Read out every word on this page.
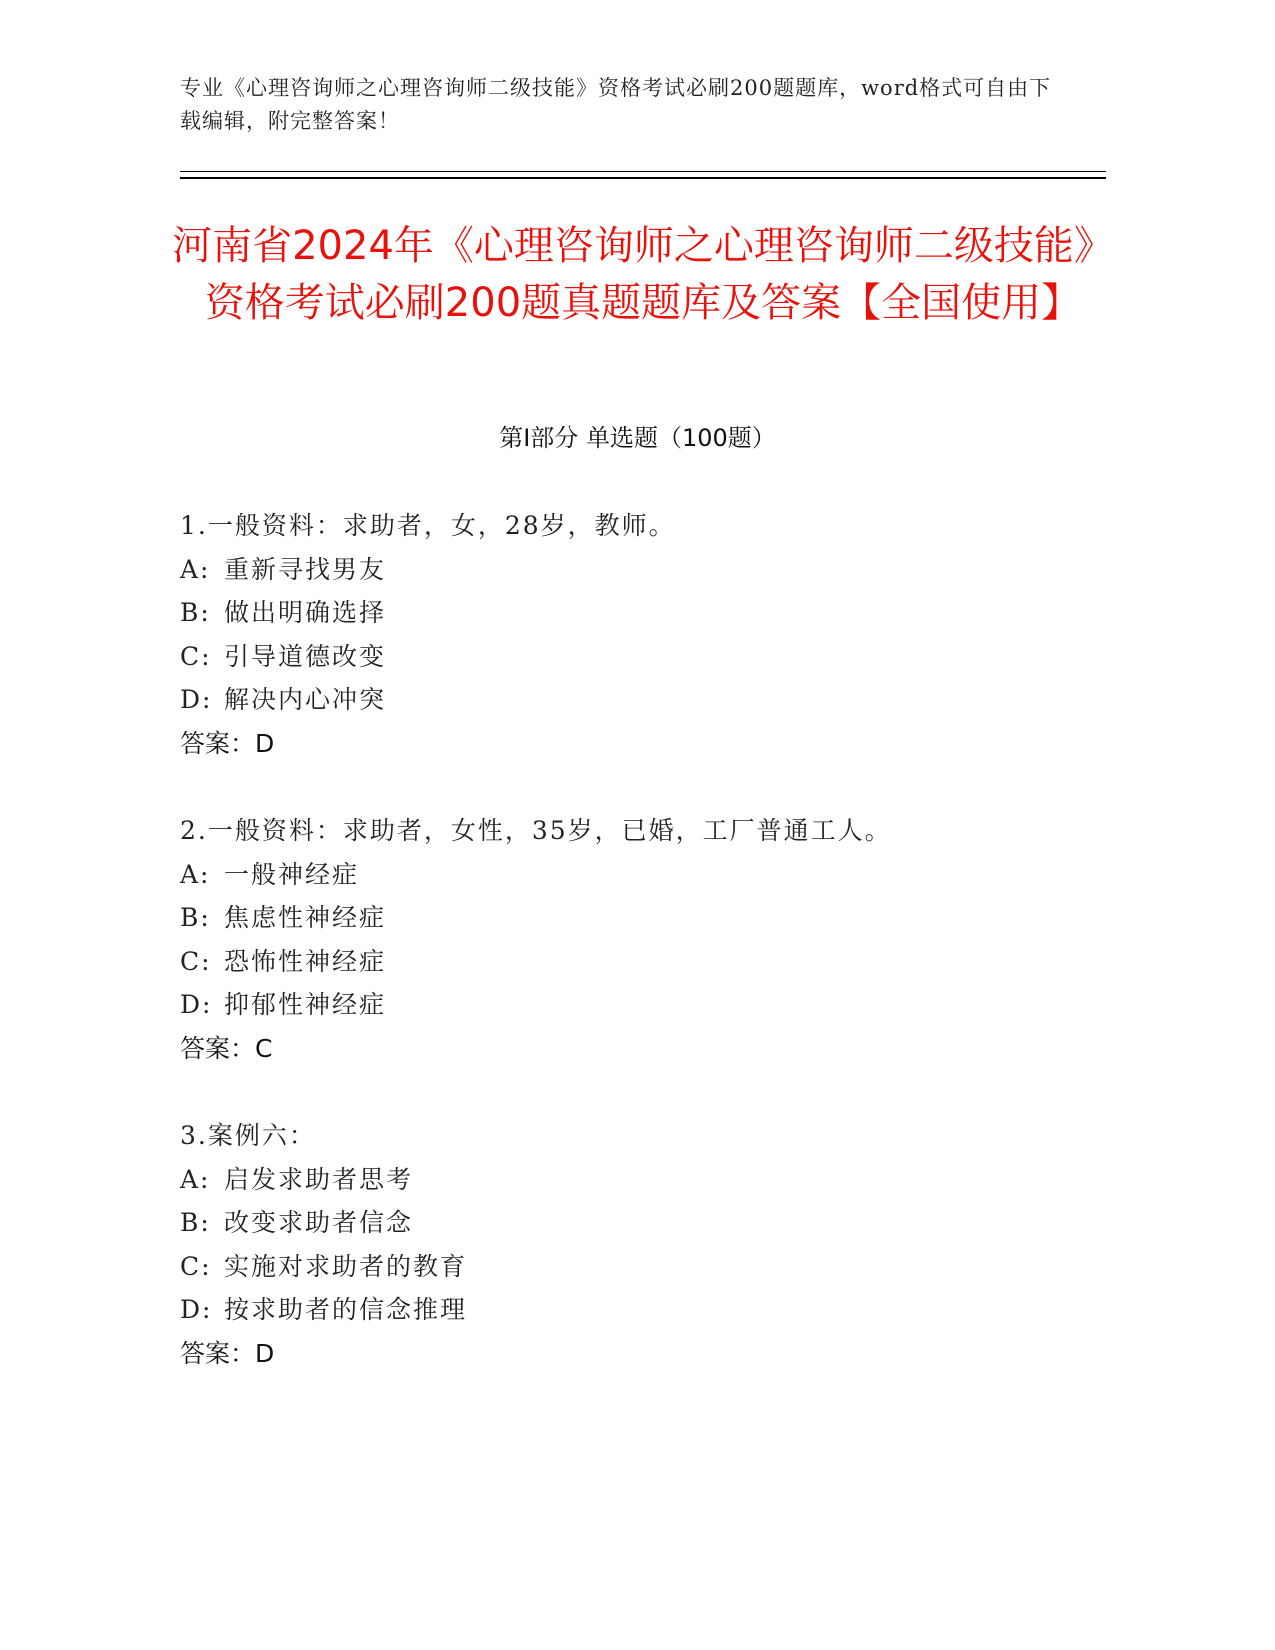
专业《心理咨询师之心理咨询师二级技能》资格考试必刷200题题库，word格式可自由下载编辑，附完整答案！
河南省2024年《心理咨询师之心理咨询师二级技能》资格考试必刷200题真题题库及答案【全国使用】
第Ⅰ部分 单选题（100题）
1.一般资料：求助者，女，28岁，教师。
A: 重新寻找男友
B: 做出明确选择
C: 引导道德改变
D: 解决内心冲突
答案：D
2.一般资料：求助者，女性，35岁，已婚，工厂普通工人。
A: 一般神经症
B: 焦虑性神经症
C: 恐怖性神经症
D: 抑郁性神经症
答案：C
3.案例六：
A: 启发求助者思考
B: 改变求助者信念
C: 实施对求助者的教育
D: 按求助者的信念推理
答案：D
